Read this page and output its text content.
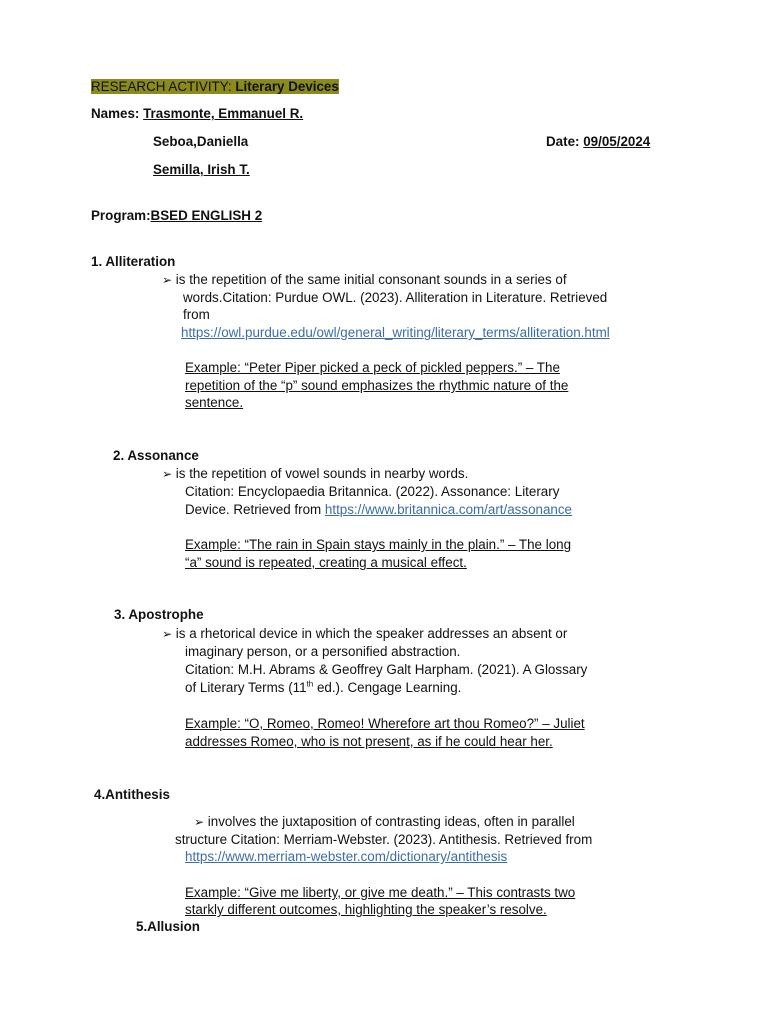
RESEARCH ACTIVITY: Literary Devices
Names: Trasmonte, Emmanuel R.
Seboa,Daniella	Date: 09/05/2024
Semilla, Irish T.
Program:BSED ENGLISH 2
1. Alliteration
➢ is the repetition of the same initial consonant sounds in a series of
words.Citation: Purdue OWL. (2023). Alliteration in Literature. Retrieved
from
https://owl.purdue.edu/owl/general_writing/literary_terms/alliteration.html
Example: “Peter Piper picked a peck of pickled peppers.” – The
repetition of the “p” sound emphasizes the rhythmic nature of the
sentence.
2. Assonance
➢ is the repetition of vowel sounds in nearby words.
Citation: Encyclopaedia Britannica. (2022). Assonance: Literary
Device. Retrieved from https://www.britannica.com/art/assonance
Example: “The rain in Spain stays mainly in the plain.” – The long
“a” sound is repeated, creating a musical effect.
3. Apostrophe
➢ is a rhetorical device in which the speaker addresses an absent or
imaginary person, or a personified abstraction.
Citation: M.H. Abrams & Geoffrey Galt Harpham. (2021). A Glossary
of Literary Terms (11th ed.). Cengage Learning.
Example: “O, Romeo, Romeo! Wherefore art thou Romeo?” – Juliet
addresses Romeo, who is not present, as if he could hear her.
4.Antithesis
➢ involves the juxtaposition of contrasting ideas, often in parallel
structure Citation: Merriam-Webster. (2023). Antithesis. Retrieved from
https://www.merriam-webster.com/dictionary/antithesis
Example: “Give me liberty, or give me death.” – This contrasts two
starkly different outcomes, highlighting the speaker’s resolve.
5.Allusion
